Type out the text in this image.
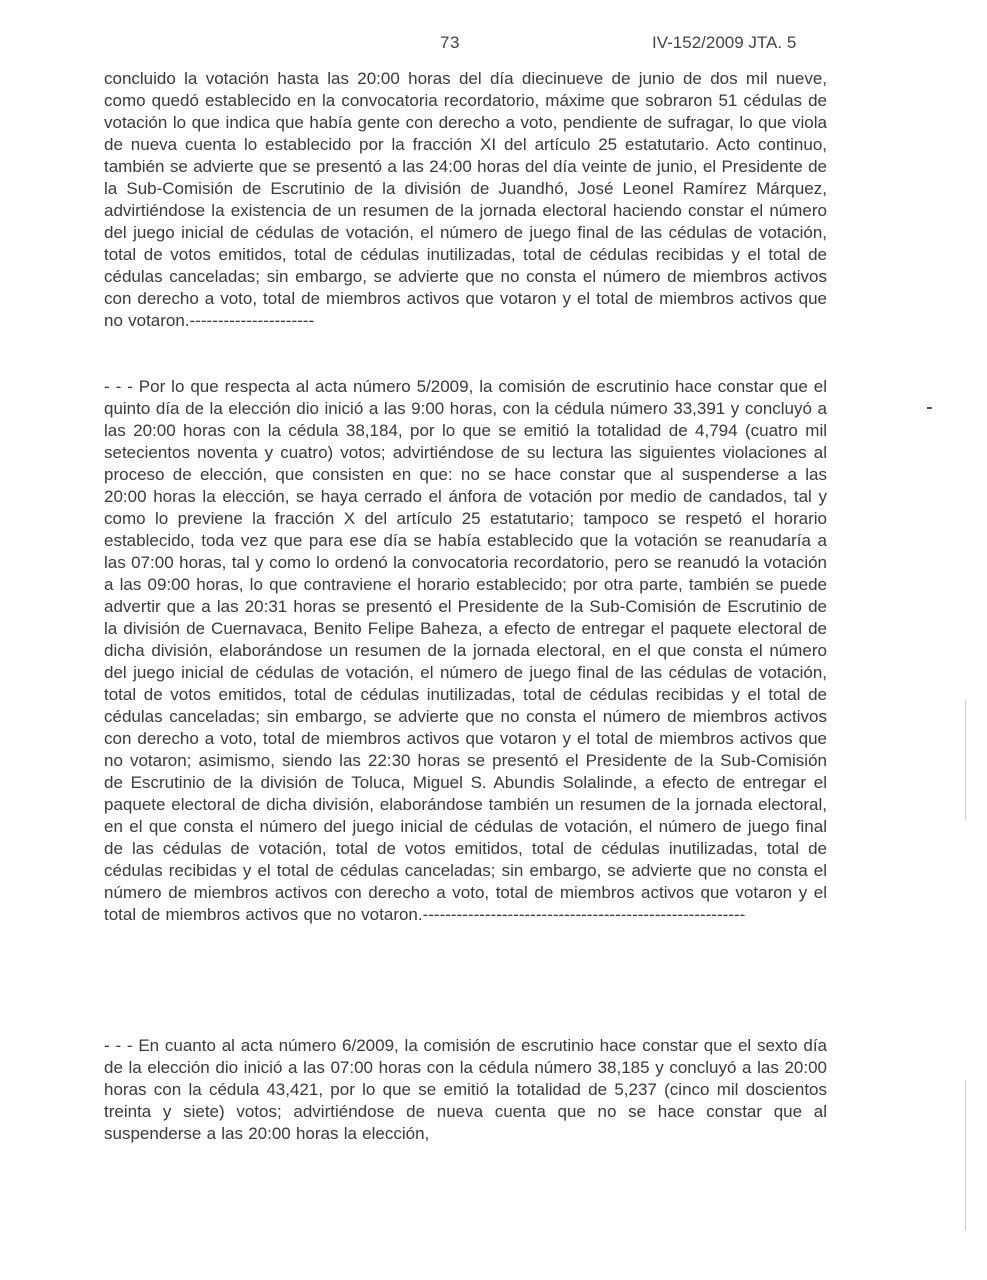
73	IV-152/2009 JTA. 5

concluido la votación hasta las 20:00 horas del día diecinueve de junio de dos mil nueve, como quedó establecido en la convocatoria recordatorio, máxime que sobraron 51 cédulas de votación lo que indica que había gente con derecho a voto, pendiente de sufragar, lo que viola de nueva cuenta lo establecido por la fracción XI del artículo 25 estatutario. Acto continuo, también se advierte que se presentó a las 24:00 horas del día veinte de junio, el Presidente de la Sub-Comisión de Escrutinio de la división de Juandhó, José Leonel Ramírez Márquez, advirtiéndose la existencia de un resumen de la jornada electoral haciendo constar el número del juego inicial de cédulas de votación, el número de juego final de las cédulas de votación, total de votos emitidos, total de cédulas inutilizadas, total de cédulas recibidas y el total de cédulas canceladas; sin embargo, se advierte que no consta el número de miembros activos con derecho a voto, total de miembros activos que votaron y el total de miembros activos que no votaron.----------------------

- - - Por lo que respecta al acta número 5/2009, la comisión de escrutinio hace constar que el quinto día de la elección dio inició a las 9:00 horas, con la cédula número 33,391 y concluyó a las 20:00 horas con la cédula 38,184, por lo que se emitió la totalidad de 4,794 (cuatro mil setecientos noventa y cuatro) votos; advirtiéndose de su lectura las siguientes violaciones al proceso de elección, que consisten en que: no se hace constar que al suspenderse a las 20:00 horas la elección, se haya cerrado el ánfora de votación por medio de candados, tal y como lo previene la fracción X del artículo 25 estatutario; tampoco se respetó el horario establecido, toda vez que para ese día se había establecido que la votación se reanudaría a las 07:00 horas, tal y como lo ordenó la convocatoria recordatorio, pero se reanudó la votación a las 09:00 horas, lo que contraviene el horario establecido; por otra parte, también se puede advertir que a las 20:31 horas se presentó el Presidente de la Sub-Comisión de Escrutinio de la división de Cuernavaca, Benito Felipe Baheza, a efecto de entregar el paquete electoral de dicha división, elaborándose un resumen de la jornada electoral, en el que consta el número del juego inicial de cédulas de votación, el número de juego final de las cédulas de votación, total de votos emitidos, total de cédulas inutilizadas, total de cédulas recibidas y el total de cédulas canceladas; sin embargo, se advierte que no consta el número de miembros activos con derecho a voto, total de miembros activos que votaron y el total de miembros activos que no votaron; asimismo, siendo las 22:30 horas se presentó el Presidente de la Sub-Comisión de Escrutinio de la división de Toluca, Miguel S. Abundis Solalinde, a efecto de entregar el paquete electoral de dicha división, elaborándose también un resumen de la jornada electoral, en el que consta el número del juego inicial de cédulas de votación, el número de juego final de las cédulas de votación, total de votos emitidos, total de cédulas inutilizadas, total de cédulas recibidas y el total de cédulas canceladas; sin embargo, se advierte que no consta el número de miembros activos con derecho a voto, total de miembros activos que votaron y el total de miembros activos que no votaron.---------------------------------------------------------

- - - En cuanto al acta número 6/2009, la comisión de escrutinio hace constar que el sexto día de la elección dio inició a las 07:00 horas con la cédula número 38,185 y concluyó a las 20:00 horas con la cédula 43,421, por lo que se emitió la totalidad de 5,237 (cinco mil doscientos treinta y siete) votos; advirtiéndose de nueva cuenta que no se hace constar que al suspenderse a las 20:00 horas la elección,
